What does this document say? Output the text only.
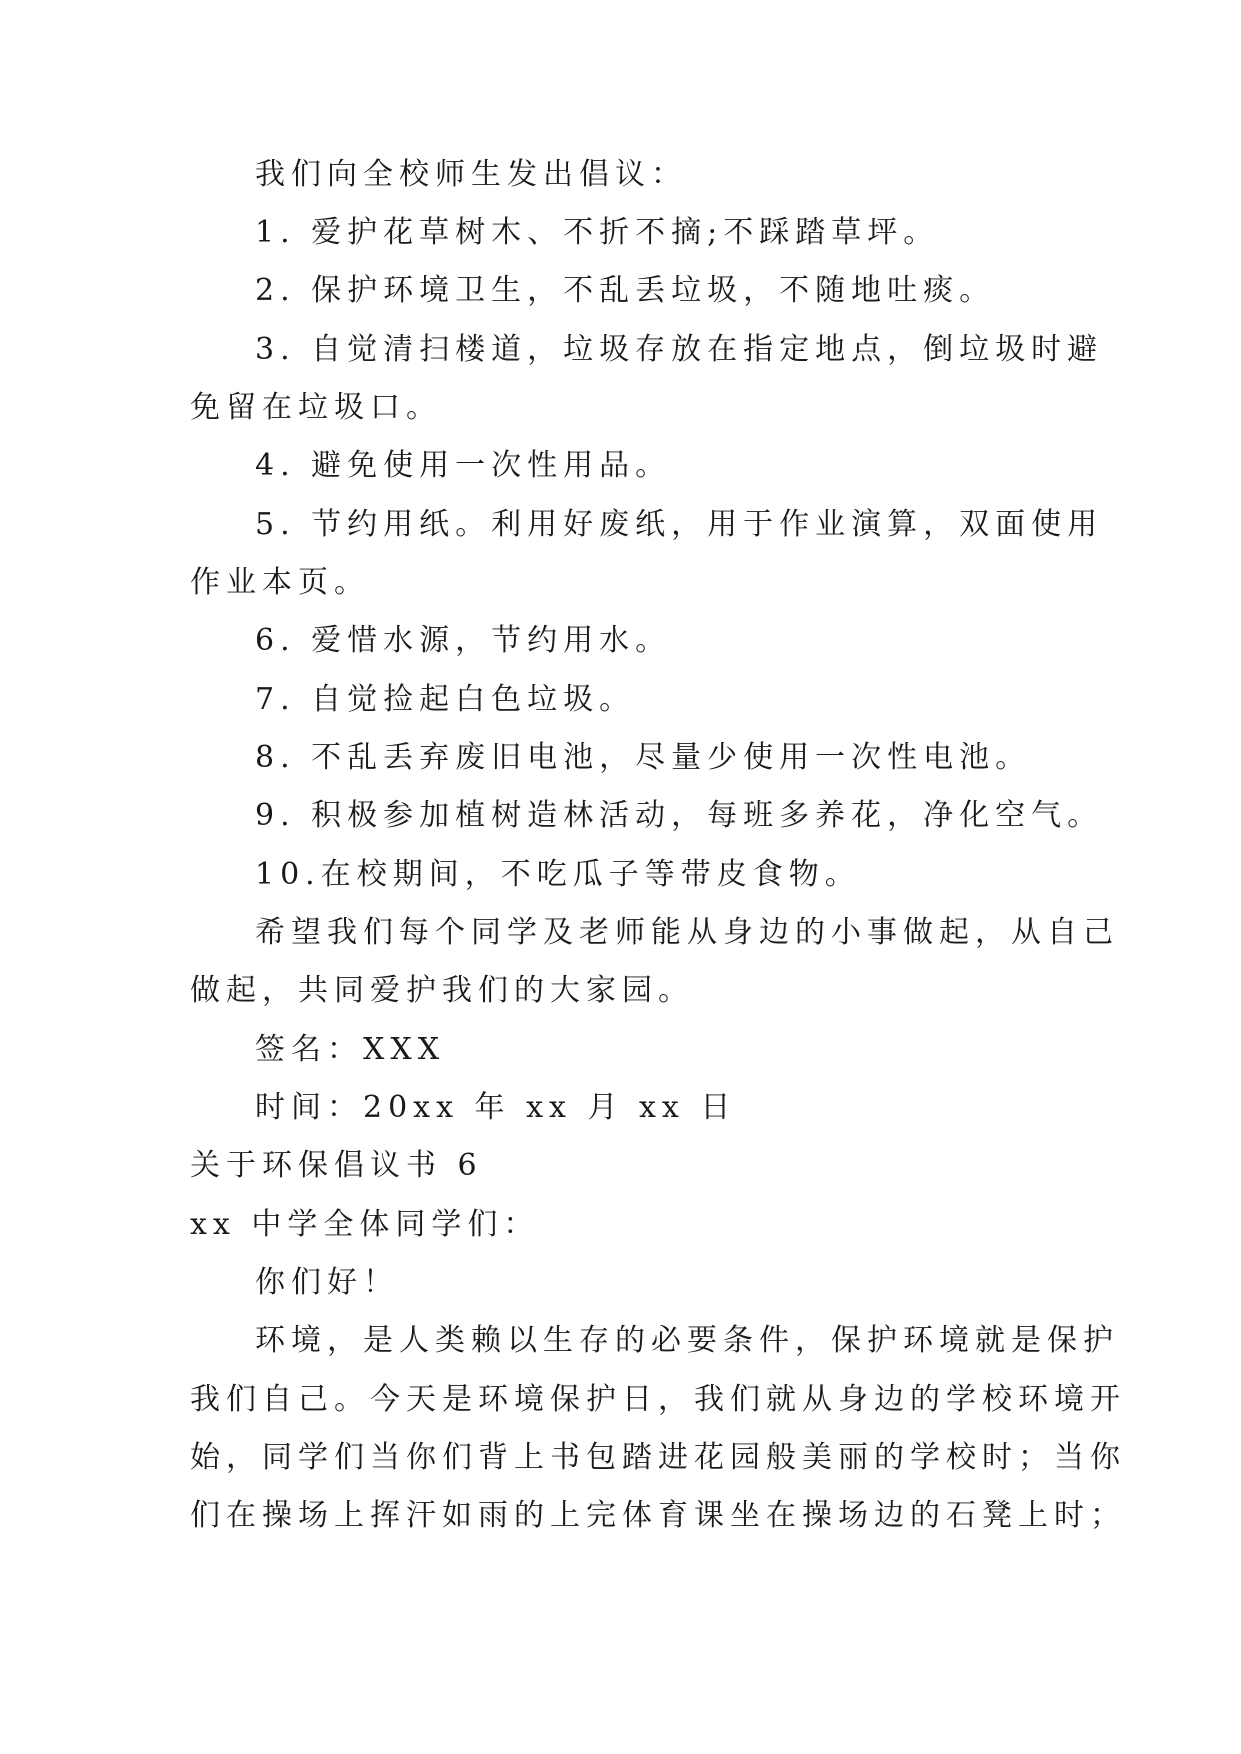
我们向全校师生发出倡议：
1. 爱护花草树木、不折不摘;不踩踏草坪。
2. 保护环境卫生，不乱丢垃圾，不随地吐痰。
3. 自觉清扫楼道，垃圾存放在指定地点，倒垃圾时避
免留在垃圾口。
4. 避免使用一次性用品。
5. 节约用纸。利用好废纸，用于作业演算，双面使用
作业本页。
6. 爱惜水源，节约用水。
7. 自觉捡起白色垃圾。
8. 不乱丢弃废旧电池，尽量少使用一次性电池。
9. 积极参加植树造林活动，每班多养花，净化空气。
10.在校期间，不吃瓜子等带皮食物。
希望我们每个同学及老师能从身边的小事做起，从自己
做起，共同爱护我们的大家园。
签名：XXX
时间：20xx 年 xx 月 xx 日
关于环保倡议书 6
xx 中学全体同学们：
你们好！
环境，是人类赖以生存的必要条件，保护环境就是保护
我们自己。今天是环境保护日，我们就从身边的学校环境开
始，同学们当你们背上书包踏进花园般美丽的学校时；当你
们在操场上挥汗如雨的上完体育课坐在操场边的石凳上时；
